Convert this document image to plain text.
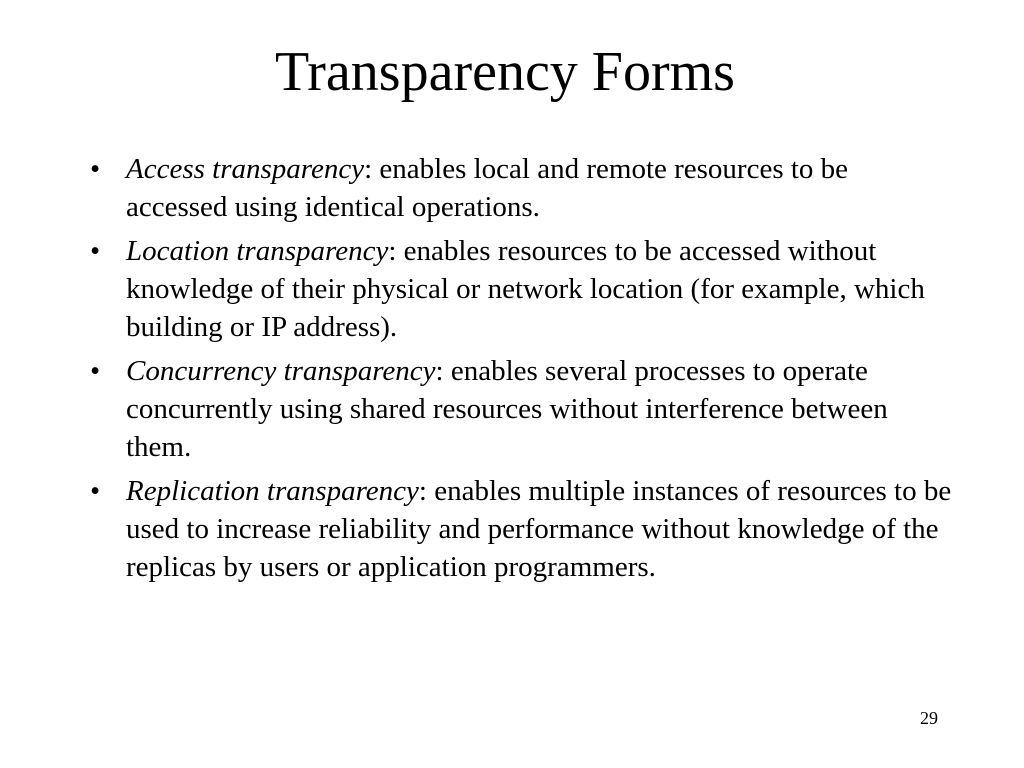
Transparency Forms
• Access transparency: enables local and remote resources to be accessed using identical operations.
• Location transparency: enables resources to be accessed without knowledge of their physical or network location (for example, which building or IP address).
• Concurrency transparency: enables several processes to operate concurrently using shared resources without interference between them.
• Replication transparency: enables multiple instances of resources to be used to increase reliability and performance without knowledge of the replicas by users or application programmers.
29
